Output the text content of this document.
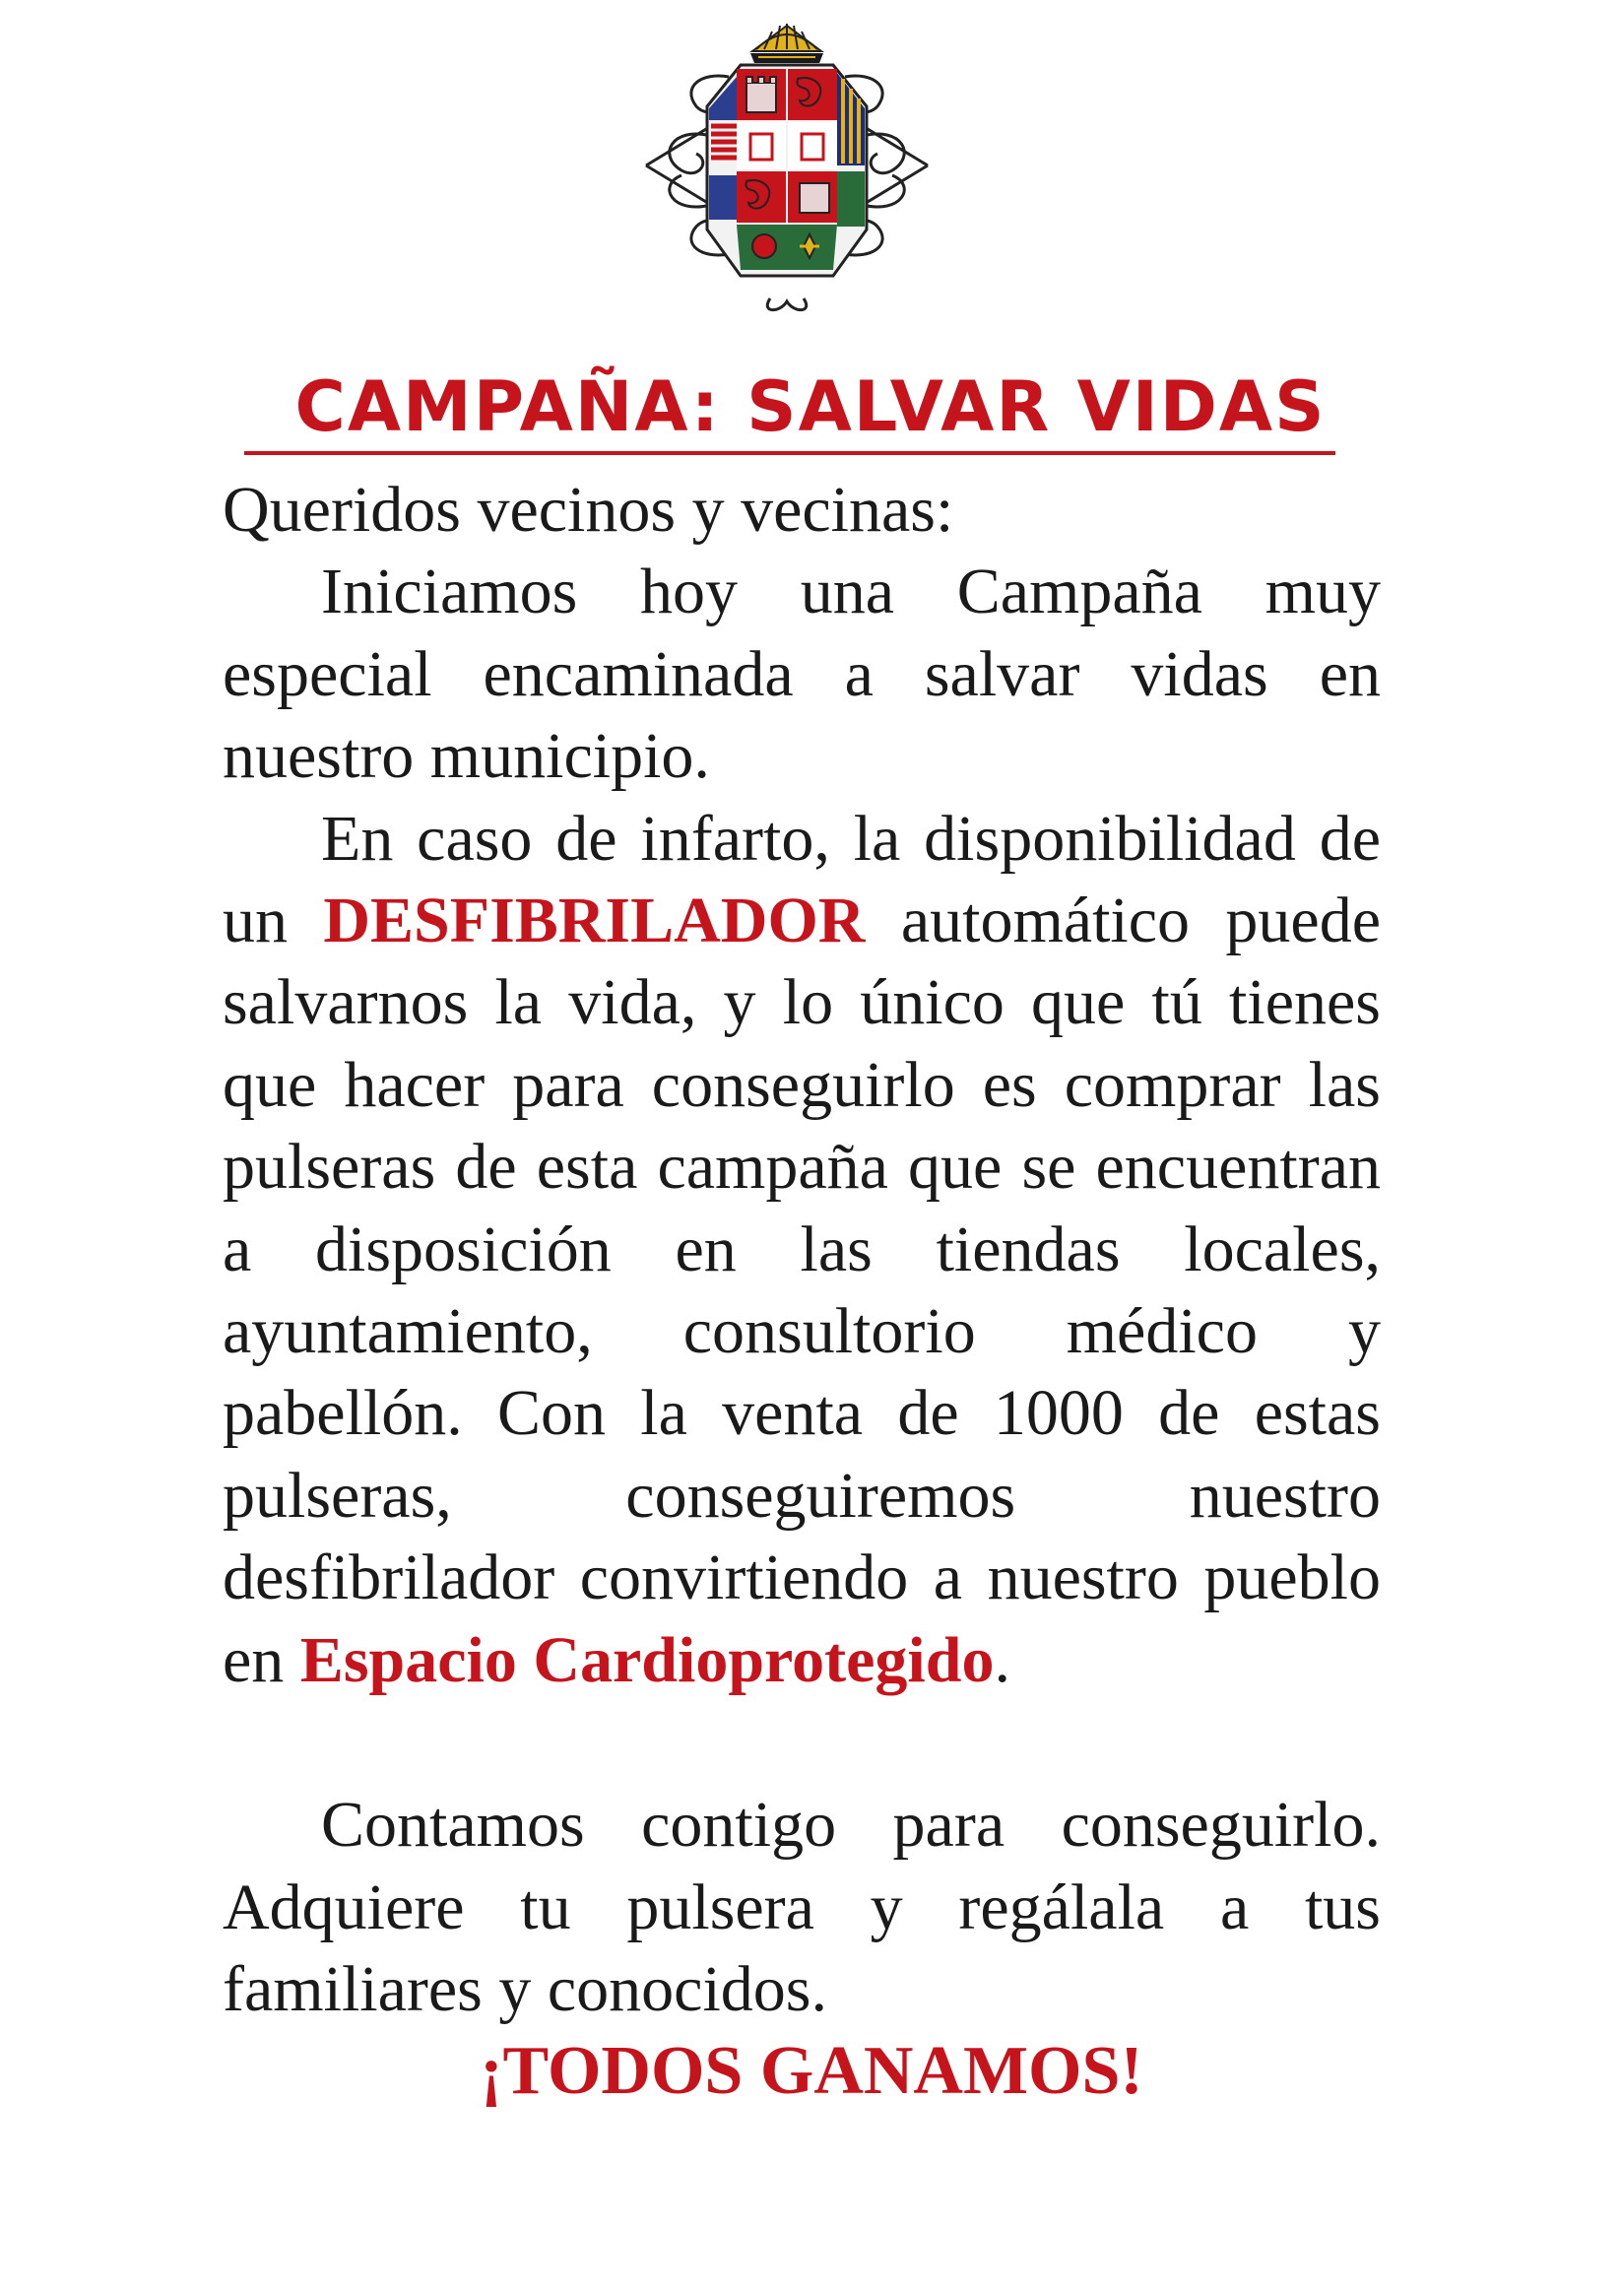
CAMPAÑA: SALVAR VIDAS

Queridos vecinos y vecinas:

Iniciamos hoy una Campaña muy especial encaminada a salvar vidas en nuestro municipio.

En caso de infarto, la disponibilidad de un DESFIBRILADOR automático puede salvarnos la vida, y lo único que tú tienes que hacer para conseguirlo es comprar las pulseras de esta campaña que se encuentran a disposición en las tiendas locales, ayuntamiento, consultorio médico y pabellón. Con la venta de 1000 de estas pulseras, conseguiremos nuestro desfibrilador convirtiendo a nuestro pueblo en Espacio Cardioprotegido.

Contamos contigo para conseguirlo. Adquiere tu pulsera y regálala a tus familiares y conocidos.

¡TODOS GANAMOS!
